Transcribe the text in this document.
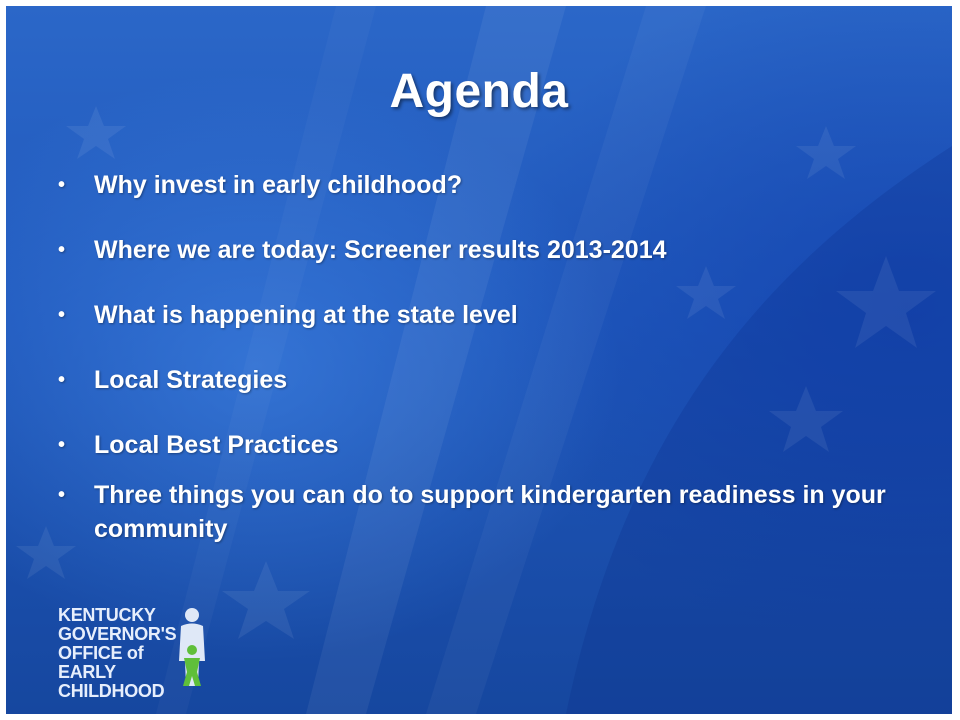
Agenda
• Why invest in early childhood?
• Where we are today: Screener results 2013-2014
• What is happening at the state level
• Local Strategies
• Local Best Practices
• Three things you can do to support kindergarten readiness in your community
KENTUCKY
GOVERNOR'S
OFFICE of
EARLY CHILDHOOD
